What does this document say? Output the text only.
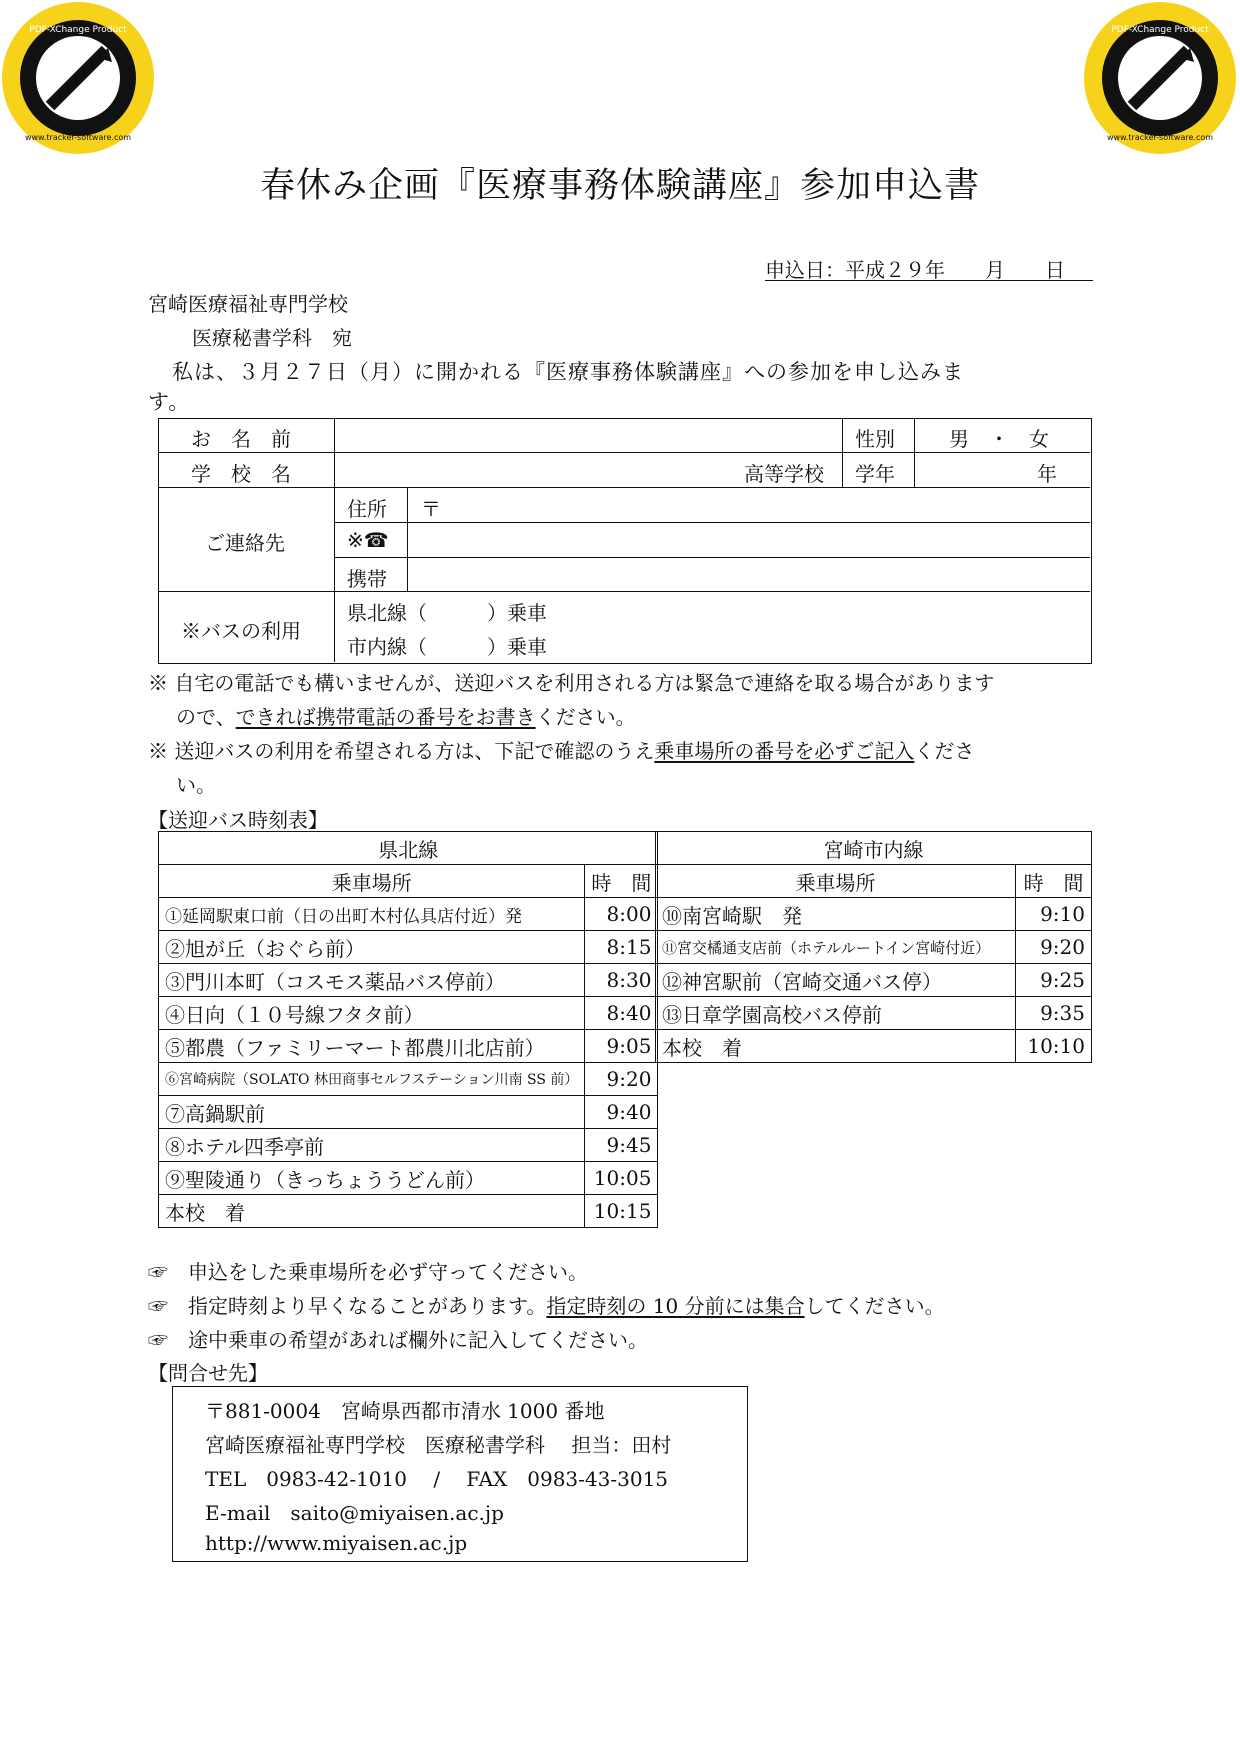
PDF-XChange Product
www.tracker-software.com
PDF-XChange Product
www.tracker-software.com
春休み企画『医療事務体験講座』参加申込書
申込日：平成２９年　　月　　日
宮崎医療福祉専門学校
医療秘書学科　宛
私は、３月２７日（月）に開かれる『医療事務体験講座』への参加を申し込みま
す。
お　名　前	性別	男　・　女
学　校　名	高等学校 学年	年
ご連絡先
住所 〒
※☎
携帯
※バスの利用
県北線（　　　）乗車
市内線（　　　）乗車
※ 自宅の電話でも構いませんが、送迎バスを利用される方は緊急で連絡を取る場合があります
ので、できれば携帯電話の番号をお書きください。
※ 送迎バスの利用を希望される方は、下記で確認のうえ乗車場所の番号を必ずご記入くださ
い。
【送迎バス時刻表】
県北線	
乗車場所	時　間
①延岡駅東口前（日の出町木村仏具店付近）発	8:00
②旭が丘（おぐら前）	8:15
③門川本町（コスモス薬品バス停前）	8:30
④日向（１０号線フタタ前）	8:40
⑤都農（ファミリーマート都農川北店前）	9:05
⑥宮崎病院（SOLATO 林田商事セルフステーション川南 SS 前）	9:20
⑦高鍋駅前	9:40
⑧ホテル四季亭前	9:45
⑨聖陵通り（きっちょううどん前）	10:05
本校　着	10:15
宮崎市内線	
乗車場所	時　間
⑩南宮崎駅　発	9:10
⑪宮交橘通支店前（ホテルルートイン宮崎付近）	9:20
⑫神宮駅前（宮崎交通バス停）	9:25
⑬日章学園高校バス停前	9:35
本校　着	10:10
☞　申込をした乗車場所を必ず守ってください。
☞　指定時刻より早くなることがあります。指定時刻の 10 分前には集合してください。
☞　途中乗車の希望があれば欄外に記入してください。
【問合せ先】
〒881-0004　宮崎県西都市清水 1000 番地
宮崎医療福祉専門学校　医療秘書学科　 担当：田村
TEL　0983-42-1010　 /　 FAX　0983-43-3015
E-mail　saito@miyaisen.ac.jp
http://www.miyaisen.ac.jp
